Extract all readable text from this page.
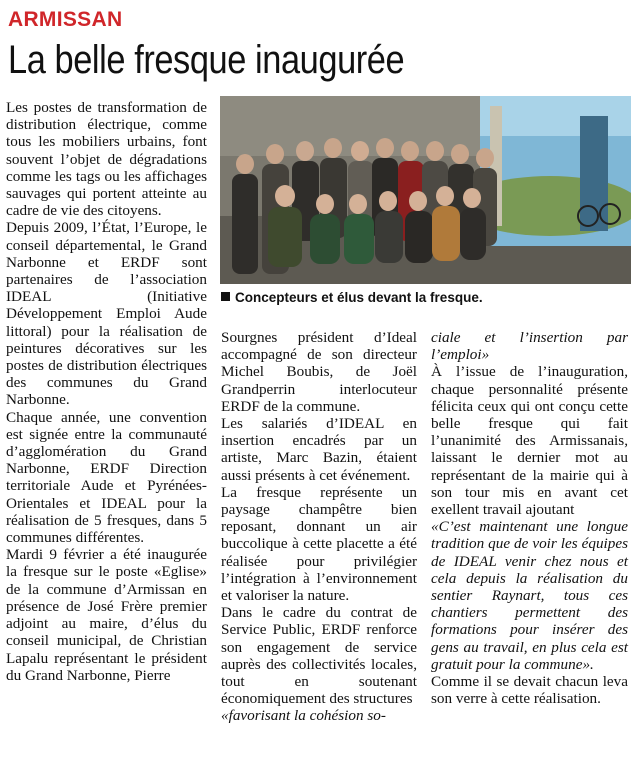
ARMISSAN
La belle fresque inaugurée
Concepteurs et élus devant la fresque.

Les postes de transformation de distribution électrique, comme tous les mobiliers urbains, font souvent l’objet de dégradations comme les tags ou les affichages sauvages qui portent atteinte au cadre de vie des citoyens.

Depuis 2009, l’État, l’Europe, le conseil départemental, le Grand Narbonne et ERDF sont partenaires de l’association IDEAL (Initiative Développement Emploi Aude littoral) pour la réalisation de peintures décoratives sur les postes de distribution électriques des communes du Grand Narbonne.

Chaque année, une convention est signée entre la communauté d’agglomération du Grand Narbonne, ERDF Direction territoriale Aude et Pyrénées-Orientales et IDEAL pour la réalisation de 5 fresques, dans 5 communes différentes.

Mardi 9 février a été inaugurée la fresque sur le poste «Eglise» de la commune d’Armissan en présence de José Frère premier adjoint au maire, d’élus du conseil municipal, de Christian Lapalu représentant le président du Grand Narbonne, Pierre

Sourgnes président d’Ideal accompagné de son directeur Michel Boubis, de Joël Grandperrin interlocuteur ERDF de la commune.

Les salariés d’IDEAL en insertion encadrés par un artiste, Marc Bazin, étaient aussi présents à cet événement.

La fresque représente un paysage champêtre bien reposant, donnant un air buccolique à cette placette a été réalisée pour privilégier l’intégration à l’environnement et valoriser la nature.

Dans le cadre du contrat de Service Public, ERDF renforce son engagement de service auprès des collectivités locales, tout en soutenant économiquement des structures

«favorisant la cohésion so-

ciale et l’insertion par l’emploi»

À l’issue de l’inauguration, chaque personnalité présente félicita ceux qui ont conçu cette belle fresque qui fait l’unanimité des Armissanais, laissant le dernier mot au représentant de la mairie qui à son tour mis en avant cet exellent travail ajoutant

«C’est maintenant une longue tradition que de voir les équipes de IDEAL venir chez nous et cela depuis la réalisation du sentier Raynart, tous ces chantiers permettent des formations pour insérer des gens au travail, en plus cela est gratuit pour la commune».

Comme il se devait chacun leva son verre à cette réalisation.
